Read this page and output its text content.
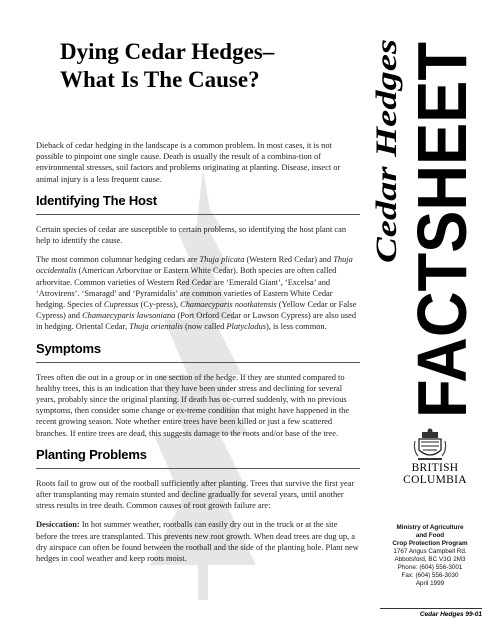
Dying Cedar Hedges–
What Is The Cause?

Dieback of cedar hedging in the landscape is a common problem. In most cases, it is not possible to pinpoint one single cause. Death is usually the result of a combina-tion of environmental stresses, soil factors and problems originating at planting. Disease, insect or animal injury is a less frequent cause.

Identifying The Host

Certain species of cedar are susceptible to certain problems, so identifying the host plant can help to identify the cause.

The most common columnar hedging cedars are Thuja plicata (Western Red Cedar) and Thuja occidentalis (American Arborvitae or Eastern White Cedar). Both species are often called arborvitae. Common varieties of Western Red Cedar are ‘Emerald Giant’, ‘Excelsa’ and ‘Atrovirens’. ‘Smaragd’ and ‘Pyramidalis’ are common varieties of Eastern White Cedar hedging. Species of Cupressus (Cy-press), Chamaecyparis nootkatensis (Yellow Cedar or False Cypress) and Chamaecyparis lawsoniana (Port Orford Cedar or Lawson Cypress) are also used in hedging. Oriental Cedar, Thuja orientalis (now called Platycladus), is less common.

Symptoms

Trees often die out in a group or in one section of the hedge. If they are stunted compared to healthy trees, this is an indication that they have been under stress and declining for several years, probably since the original planting. If death has oc-curred suddenly, with no previous symptoms, then consider some change or ex-treme condition that might have happened in the recent growing season. Note whether entire trees have been killed or just a few scattered branches. If entire trees are dead, this suggests damage to the roots and/or base of the tree.

Planting Problems

Roots fail to grow out of the rootball sufficiently after planting. Trees that survive the first year after transplanting may remain stunted and decline gradually for several years, until another stress results in tree death. Common causes of root growth failure are:

Desiccation: In hot summer weather, rootballs can easily dry out in the truck or at the site before the trees are transplanted. This prevents new root growth. When dead trees are dug up, a dry airspace can often be found between the rootball and the side of the planting hole. Plant new hedges in cool weather and keep roots moist.

Cedar Hedges FACTSHEET
BRITISH
COLUMBIA
Ministry of Agriculture
and Food
Crop Protection Program
1767 Angus Campbell Rd.
Abbotsford, BC V3G 2M3
Phone: (604) 556-3001
Fax: (604) 556-3030
April 1999
Cedar Hedges 99-01
